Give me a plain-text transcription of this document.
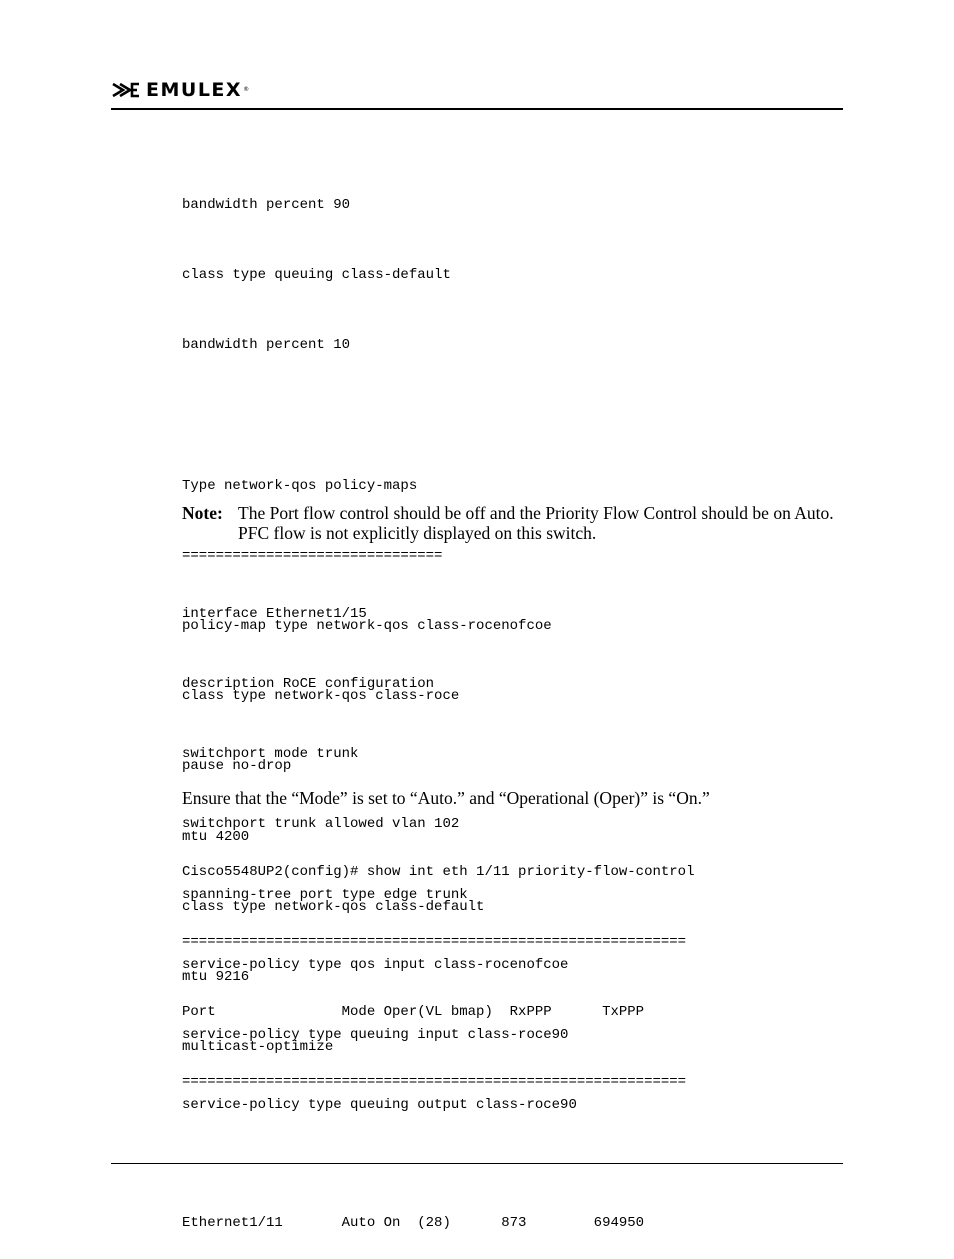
EMULEX ®

bandwidth percent 90

class type queuing class-default

bandwidth percent 10

Type network-qos policy-maps

===============================

policy-map type network-qos class-rocenofcoe

class type network-qos class-roce

pause no-drop

mtu 4200

class type network-qos class-default

mtu 9216

multicast-optimize

Note: The Port flow control should be off and the Priority Flow Control should be on Auto. PFC flow is not explicitly displayed on this switch.

interface Ethernet1/15

description RoCE configuration

switchport mode trunk

switchport trunk allowed vlan 102

spanning-tree port type edge trunk

service-policy type qos input class-rocenofcoe

service-policy type queuing input class-roce90

service-policy type queuing output class-roce90

Ensure that the “Mode” is set to “Auto.” and “Operational (Oper)” is “On.”

Cisco5548UP2(config)# show int eth 1/11 priority-flow-control

============================================================

Port               Mode Oper(VL bmap)  RxPPP      TxPPP

============================================================

Ethernet1/11       Auto On  (28)      873        694950
